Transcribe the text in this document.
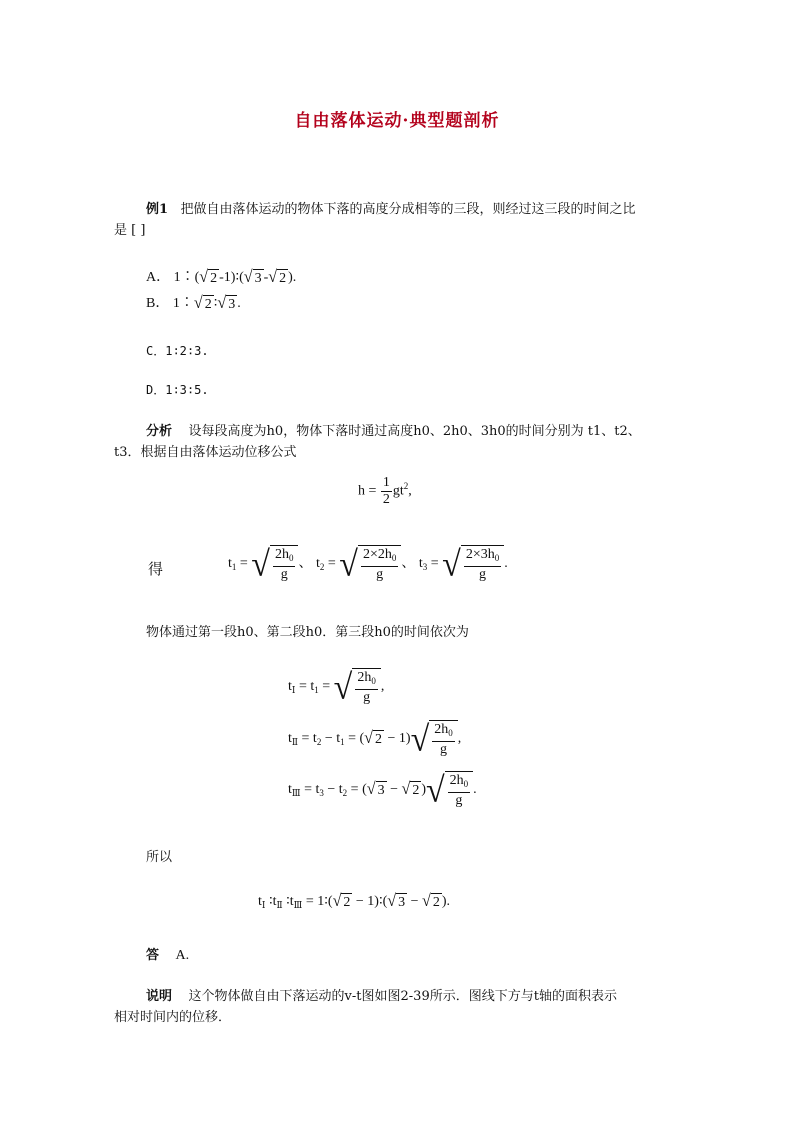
自由落体运动·典型题剖析
例1 把做自由落体运动的物体下落的高度分成相等的三段，则经过这三段的时间之比
是 [ ]
A． 1∶(√ 2 -1)∶(√ 3 -√ 2 ).
B． 1∶√ 2 ∶√ 3 .
C．1∶2∶3.
D．1∶3∶5.
分析 设每段高度为h0，物体下落时通过高度h0、2h0、3h0的时间分别为 t1、t2、
t3．根据自由落体运动位移公式
$h = \frac{1}{2} gt^2$,
得	$t_1$ = √ $\frac{2h_0}{g}$ 、 $t_2$ = √ $\frac{2\times 2h_0}{g}$ 、 $t_3$ = √ $\frac{2\times 3h_0}{g}$ .
物体通过第一段h0、第二段h0．第三段h0的时间依次为
$t_Ⅰ = t_1$ = √ $\frac{2h_0}{g}$ ,
$t_Ⅱ = t_2 - t_1$ = (√ $2 - 1)√ \frac{2h_0}{g}$ ,
$t_Ⅲ = t_3 - t_2$ = (√ 3 − √ 2 )√ $\frac{2h_0}{g}$ .
所以
$t_Ⅰ$ $∶t_Ⅱ$ $∶t_Ⅲ$ = 1∶(√ 2 − 1)∶(√ 3 − √ 2 ).
答 A.
说明 这个物体做自由下落运动的v-t图如图2-39所示．图线下方与t轴的面积表示
相对时间内的位移．
